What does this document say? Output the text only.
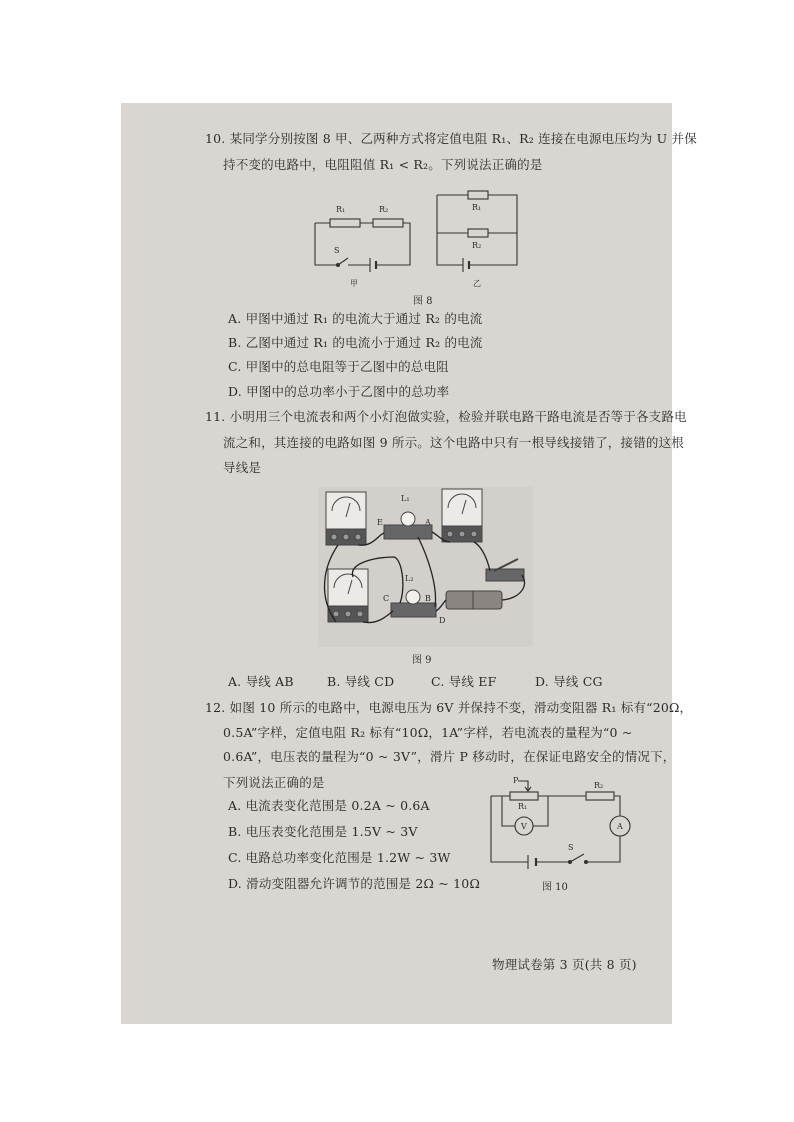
10. 某同学分别按图 8 甲、乙两种方式将定值电阻 R₁、R₂ 连接在电源电压均为 U 并保
持不变的电路中，电阻阻值 R₁ < R₂。下列说法正确的是
R₁	R₂
S
甲
R₁
R₂
乙
图 8
A. 甲图中通过 R₁ 的电流大于通过 R₂ 的电流
B. 乙图中通过 R₁ 的电流小于通过 R₂ 的电流
C. 甲图中的总电阻等于乙图中的总电阻
D. 甲图中的总功率小于乙图中的总功率
11. 小明用三个电流表和两个小灯泡做实验，检验并联电路干路电流是否等于各支路电
流之和，其连接的电路如图 9 所示。这个电路中只有一根导线接错了，接错的这根
导线是
L₁
E	A
L₂
C	B
D
图 9
A. 导线 AB	B. 导线 CD	C. 导线 EF	D. 导线 CG
12. 如图 10 所示的电路中，电源电压为 6V 并保持不变，滑动变阻器 R₁ 标有“20Ω，
0.5A”字样，定值电阻 R₂ 标有“10Ω，1A”字样，若电流表的量程为“0 ~
0.6A”，电压表的量程为“0 ~ 3V”，滑片 P 移动时，在保证电路安全的情况下，
下列说法正确的是
A. 电流表变化范围是 0.2A ~ 0.6A
B. 电压表变化范围是 1.5V ~ 3V
C. 电路总功率变化范围是 1.2W ~ 3W
D. 滑动变阻器允许调节的范围是 2Ω ~ 10Ω
P
R₁
R₂
V	A
S
图 10
物理试卷第 3 页(共 8 页)
